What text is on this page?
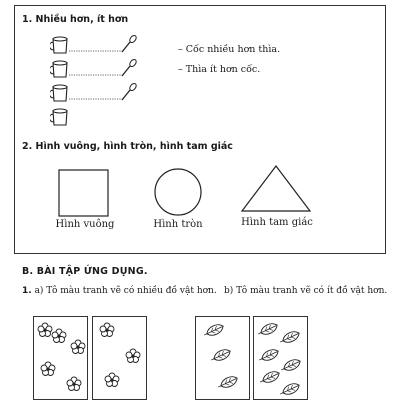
1. Nhiều hơn, ít hơn
– Cốc nhiều hơn thìa.
– Thìa ít hơn cốc.
2. Hình vuông, hình tròn, hình tam giác
Hình vuông	Hình tròn	Hình tam giác
B. BÀI TẬP ỨNG DỤNG.
1. a) Tô màu tranh vẽ có nhiều đồ vật hơn. b) Tô màu tranh vẽ có ít đồ vật hơn.
